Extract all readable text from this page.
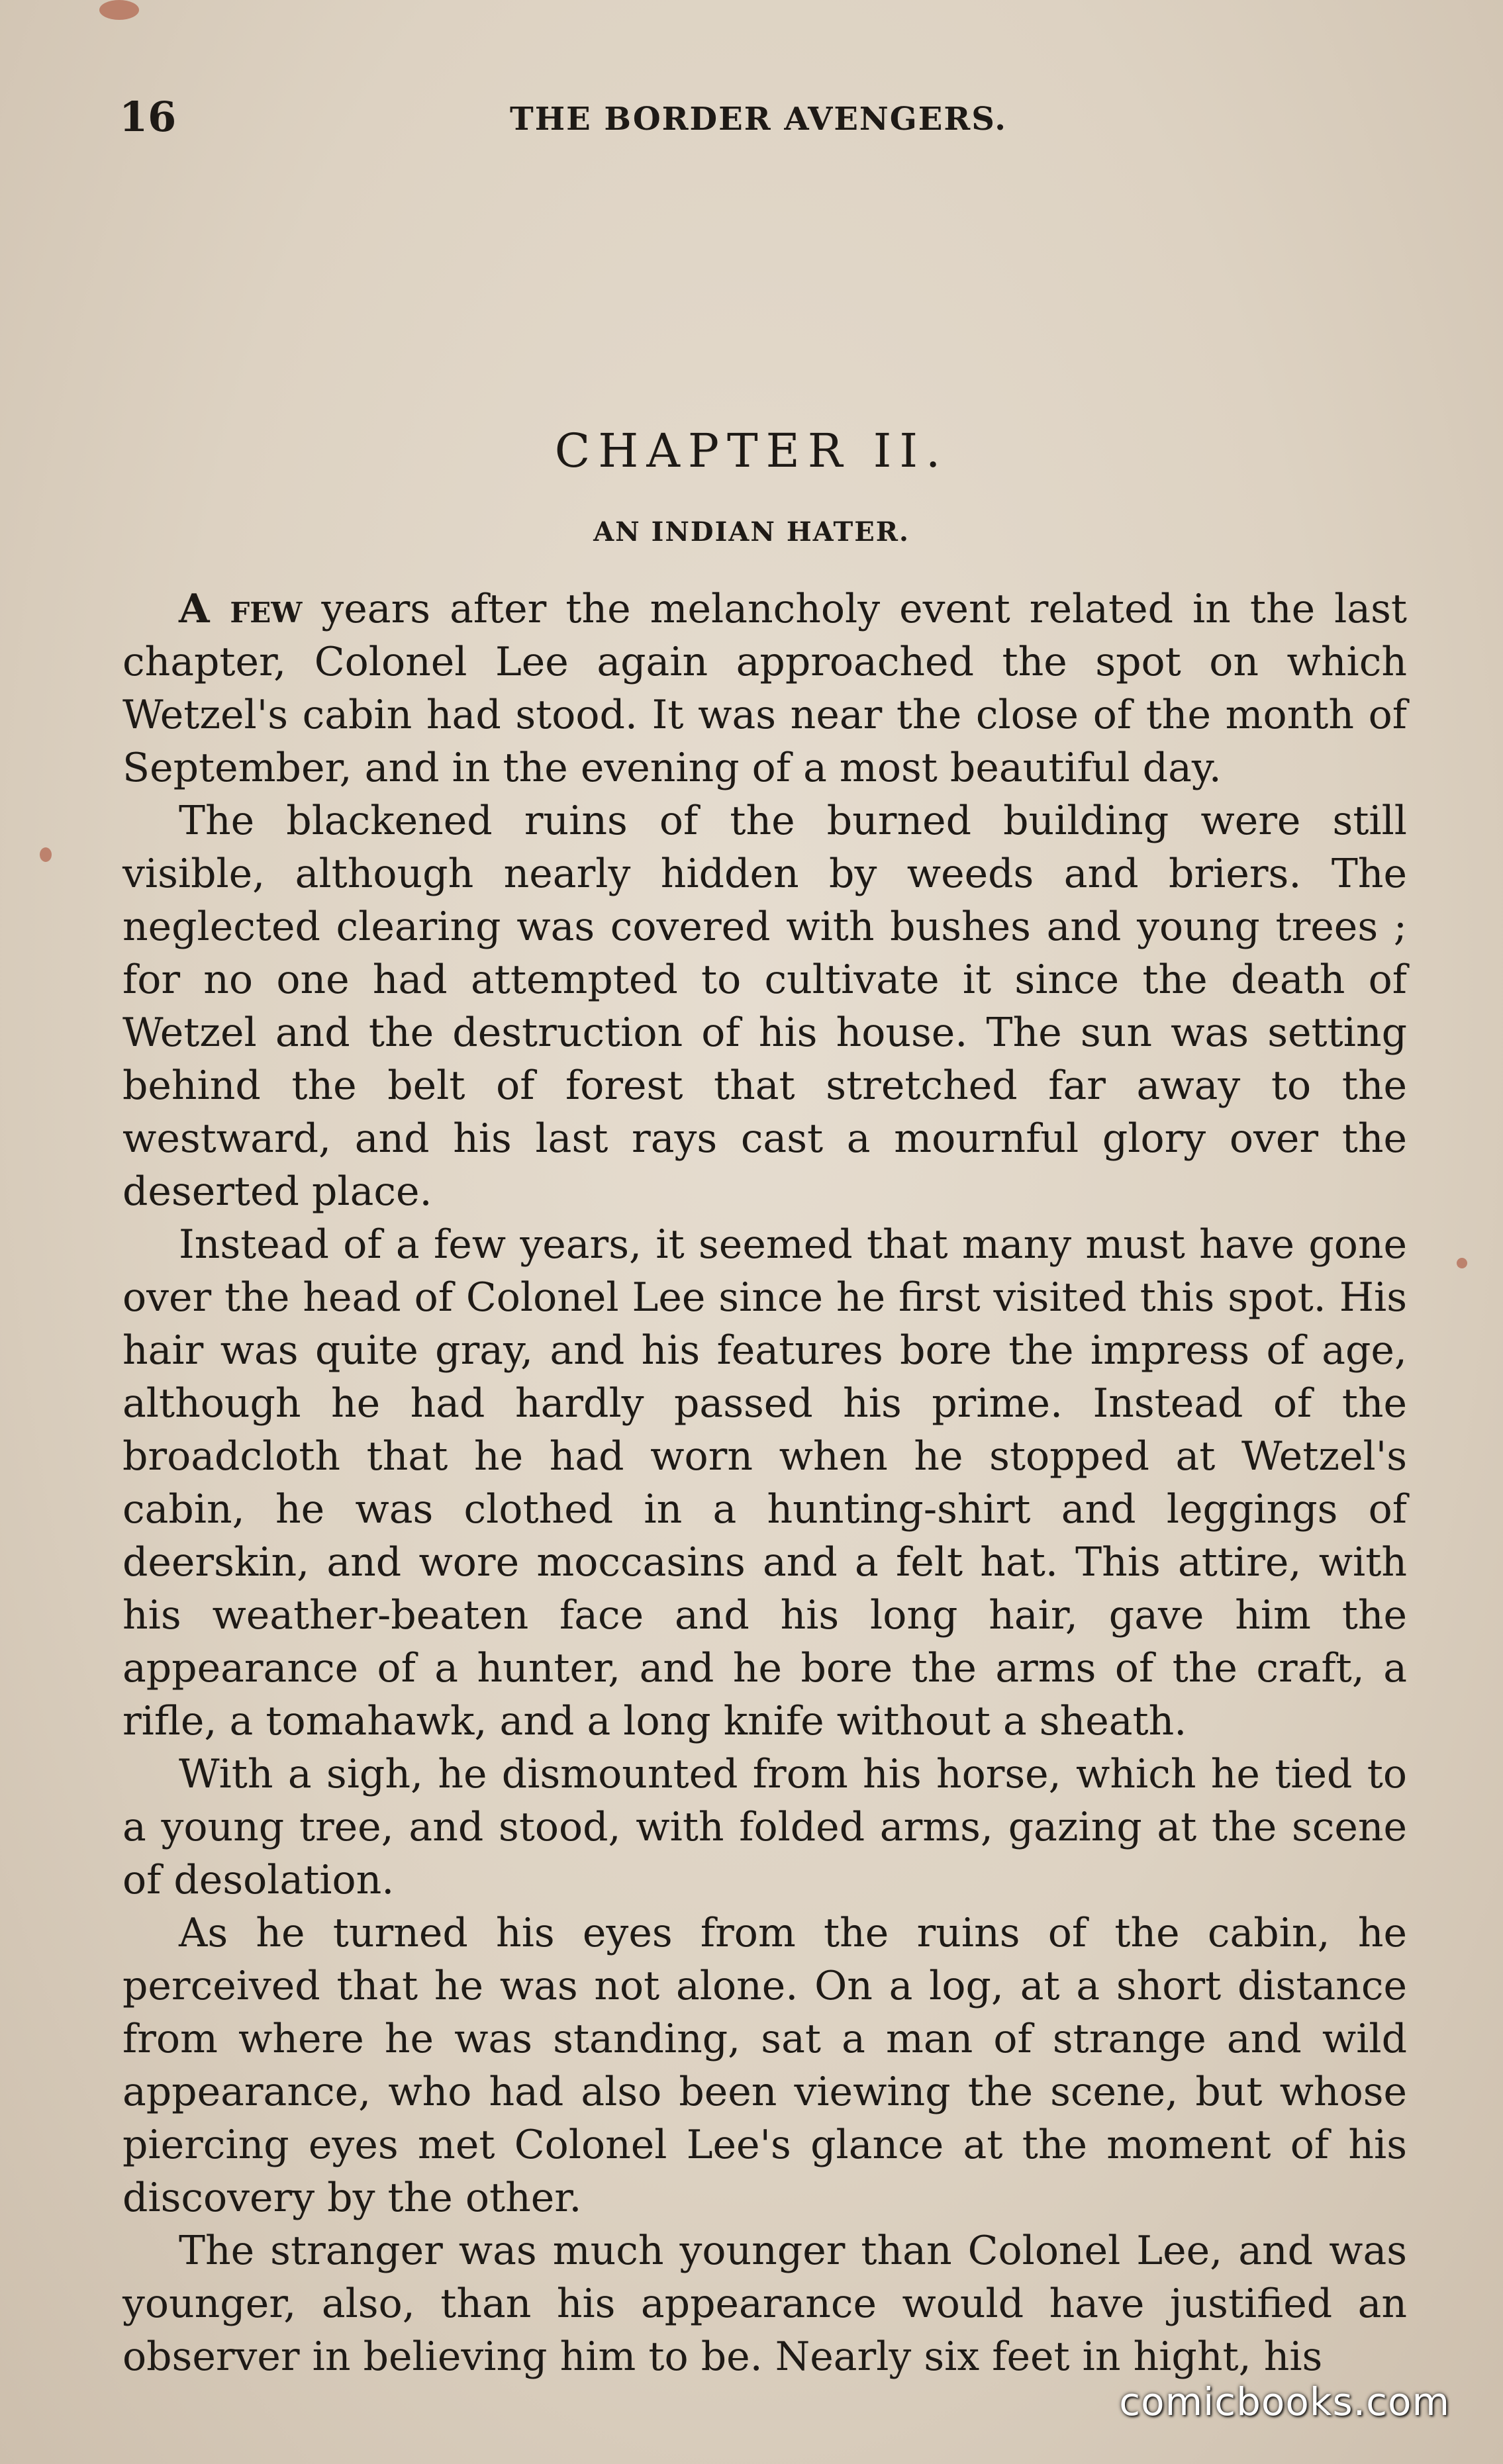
16	THE BORDER AVENGERS.
CHAPTER II.
AN INDIAN HATER.

A few years after the melancholy event related in the last chapter, Colonel Lee again approached the spot on which Wetzel's cabin had stood. It was near the close of the month of September, and in the evening of a most beautiful day.

The blackened ruins of the burned building were still visible, although nearly hidden by weeds and briers. The neglected clearing was covered with bushes and young trees ; for no one had attempted to cultivate it since the death of Wetzel and the destruction of his house. The sun was setting behind the belt of forest that stretched far away to the westward, and his last rays cast a mournful glory over the deserted place.

Instead of a few years, it seemed that many must have gone over the head of Colonel Lee since he first visited this spot. His hair was quite gray, and his features bore the impress of age, although he had hardly passed his prime. Instead of the broadcloth that he had worn when he stopped at Wetzel's cabin, he was clothed in a hunting-shirt and leggings of deerskin, and wore moccasins and a felt hat. This attire, with his weather-beaten face and his long hair, gave him the appearance of a hunter, and he bore the arms of the craft, a rifle, a tomahawk, and a long knife without a sheath.

With a sigh, he dismounted from his horse, which he tied to a young tree, and stood, with folded arms, gazing at the scene of desolation.

As he turned his eyes from the ruins of the cabin, he perceived that he was not alone. On a log, at a short distance from where he was standing, sat a man of strange and wild appearance, who had also been viewing the scene, but whose piercing eyes met Colonel Lee's glance at the moment of his discovery by the other.

The stranger was much younger than Colonel Lee, and was younger, also, than his appearance would have justified an observer in believing him to be. Nearly six feet in hight, his

comicbooks.com
